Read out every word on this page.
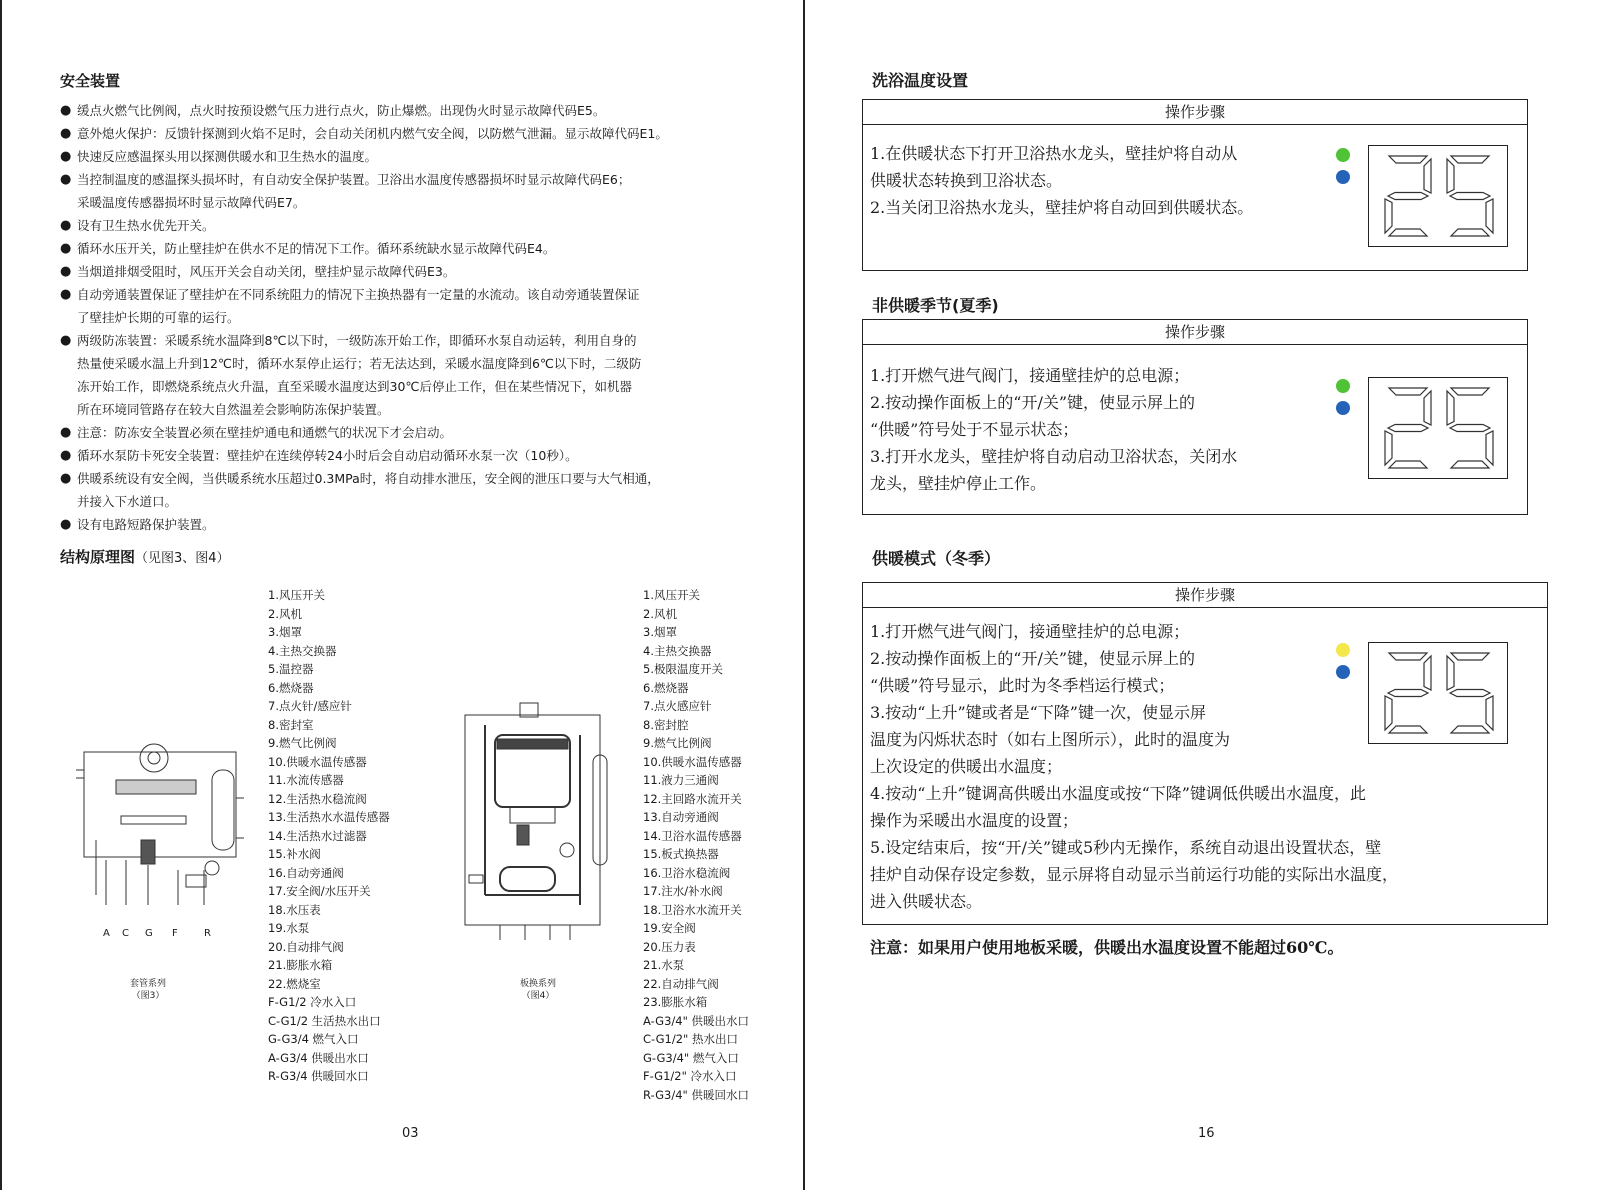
安全装置
● 缓点火燃气比例阀，点火时按预设燃气压力进行点火，防止爆燃。出现伪火时显示故障代码E5。
● 意外熄火保护：反馈针探测到火焰不足时，会自动关闭机内燃气安全阀，以防燃气泄漏。显示故障代码E1。
● 快速反应感温探头用以探测供暖水和卫生热水的温度。
● 当控制温度的感温探头损坏时，有自动安全保护装置。卫浴出水温度传感器损坏时显示故障代码E6；
采暖温度传感器损坏时显示故障代码E7。
● 设有卫生热水优先开关。
● 循环水压开关，防止壁挂炉在供水不足的情况下工作。循环系统缺水显示故障代码E4。
● 当烟道排烟受阻时，风压开关会自动关闭，壁挂炉显示故障代码E3。
● 自动旁通装置保证了壁挂炉在不同系统阻力的情况下主换热器有一定量的水流动。该自动旁通装置保证
了壁挂炉长期的可靠的运行。
● 两级防冻装置：采暖系统水温降到8℃以下时，一级防冻开始工作，即循环水泵自动运转，利用自身的
热量使采暖水温上升到12℃时，循环水泵停止运行；若无法达到，采暖水温度降到6℃以下时，二级防
冻开始工作，即燃烧系统点火升温，直至采暖水温度达到30℃后停止工作，但在某些情况下，如机器
所在环境同管路存在较大自然温差会影响防冻保护装置。
● 注意：防冻安全装置必须在壁挂炉通电和通燃气的状况下才会启动。
● 循环水泵防卡死安全装置：壁挂炉在连续停转24小时后会自动启动循环水泵一次（10秒）。
● 供暖系统设有安全阀，当供暖系统水压超过0.3MPa时，将自动排水泄压，安全阀的泄压口要与大气相通，
并接入下水道口。
● 设有电路短路保护装置。
结构原理图（见图3、图4）
1.风压开关
2.风机
3.烟罩
4.主热交换器
5.温控器
6.燃烧器
7.点火针/感应针
8.密封室
9.燃气比例阀
10.供暖水温传感器
11.水流传感器
12.生活热水稳流阀
13.生活热水水温传感器
14.生活热水过滤器
15.补水阀
16.自动旁通阀
17.安全阀/水压开关
18.水压表
19.水泵
20.自动排气阀
21.膨胀水箱
22.燃烧室
F-G1/2 冷水入口
C-G1/2 生活热水出口
G-G3/4 燃气入口
A-G3/4 供暖出水口
R-G3/4 供暖回水口
1.风压开关
2.风机
3.烟罩
4.主热交换器
5.极限温度开关
6.燃烧器
7.点火感应针
8.密封腔
9.燃气比例阀
10.供暖水温传感器
11.液力三通阀
12.主回路水流开关
13.自动旁通阀
14.卫浴水温传感器
15.板式换热器
16.卫浴水稳流阀
17.注水/补水阀
18.卫浴水水流开关
19.安全阀
20.压力表
21.水泵
22.自动排气阀
23.膨胀水箱
A-G3/4" 供暖出水口
C-G1/2" 热水出口
G-G3/4" 燃气入口
F-G1/2" 冷水入口
R-G3/4" 供暖回水口
A C G F	R
套管系列
（图3）
板换系列
（图4）
03
洗浴温度设置
操作步骤
1.在供暖状态下打开卫浴热水龙头，壁挂炉将自动从
供暖状态转换到卫浴状态。
2.当关闭卫浴热水龙头，壁挂炉将自动回到供暖状态。
非供暖季节(夏季)
操作步骤
1.打开燃气进气阀门，接通壁挂炉的总电源；
2.按动操作面板上的“开/关”键，使显示屏上的
“供暖”符号处于不显示状态；
3.打开水龙头，壁挂炉将自动启动卫浴状态，关闭水
龙头，壁挂炉停止工作。
供暖模式（冬季）
操作步骤
1.打开燃气进气阀门，接通壁挂炉的总电源；
2.按动操作面板上的“开/关”键，使显示屏上的
“供暖”符号显示，此时为冬季档运行模式；
3.按动“上升”键或者是“下降”键一次，使显示屏
温度为闪烁状态时（如右上图所示），此时的温度为
上次设定的供暖出水温度；
4.按动“上升”键调高供暖出水温度或按“下降”键调低供暖出水温度，此
操作为采暖出水温度的设置；
5.设定结束后，按“开/关”键或5秒内无操作，系统自动退出设置状态，壁
挂炉自动保存设定参数，显示屏将自动显示当前运行功能的实际出水温度，
进入供暖状态。
注意：如果用户使用地板采暖，供暖出水温度设置不能超过60℃。
16
